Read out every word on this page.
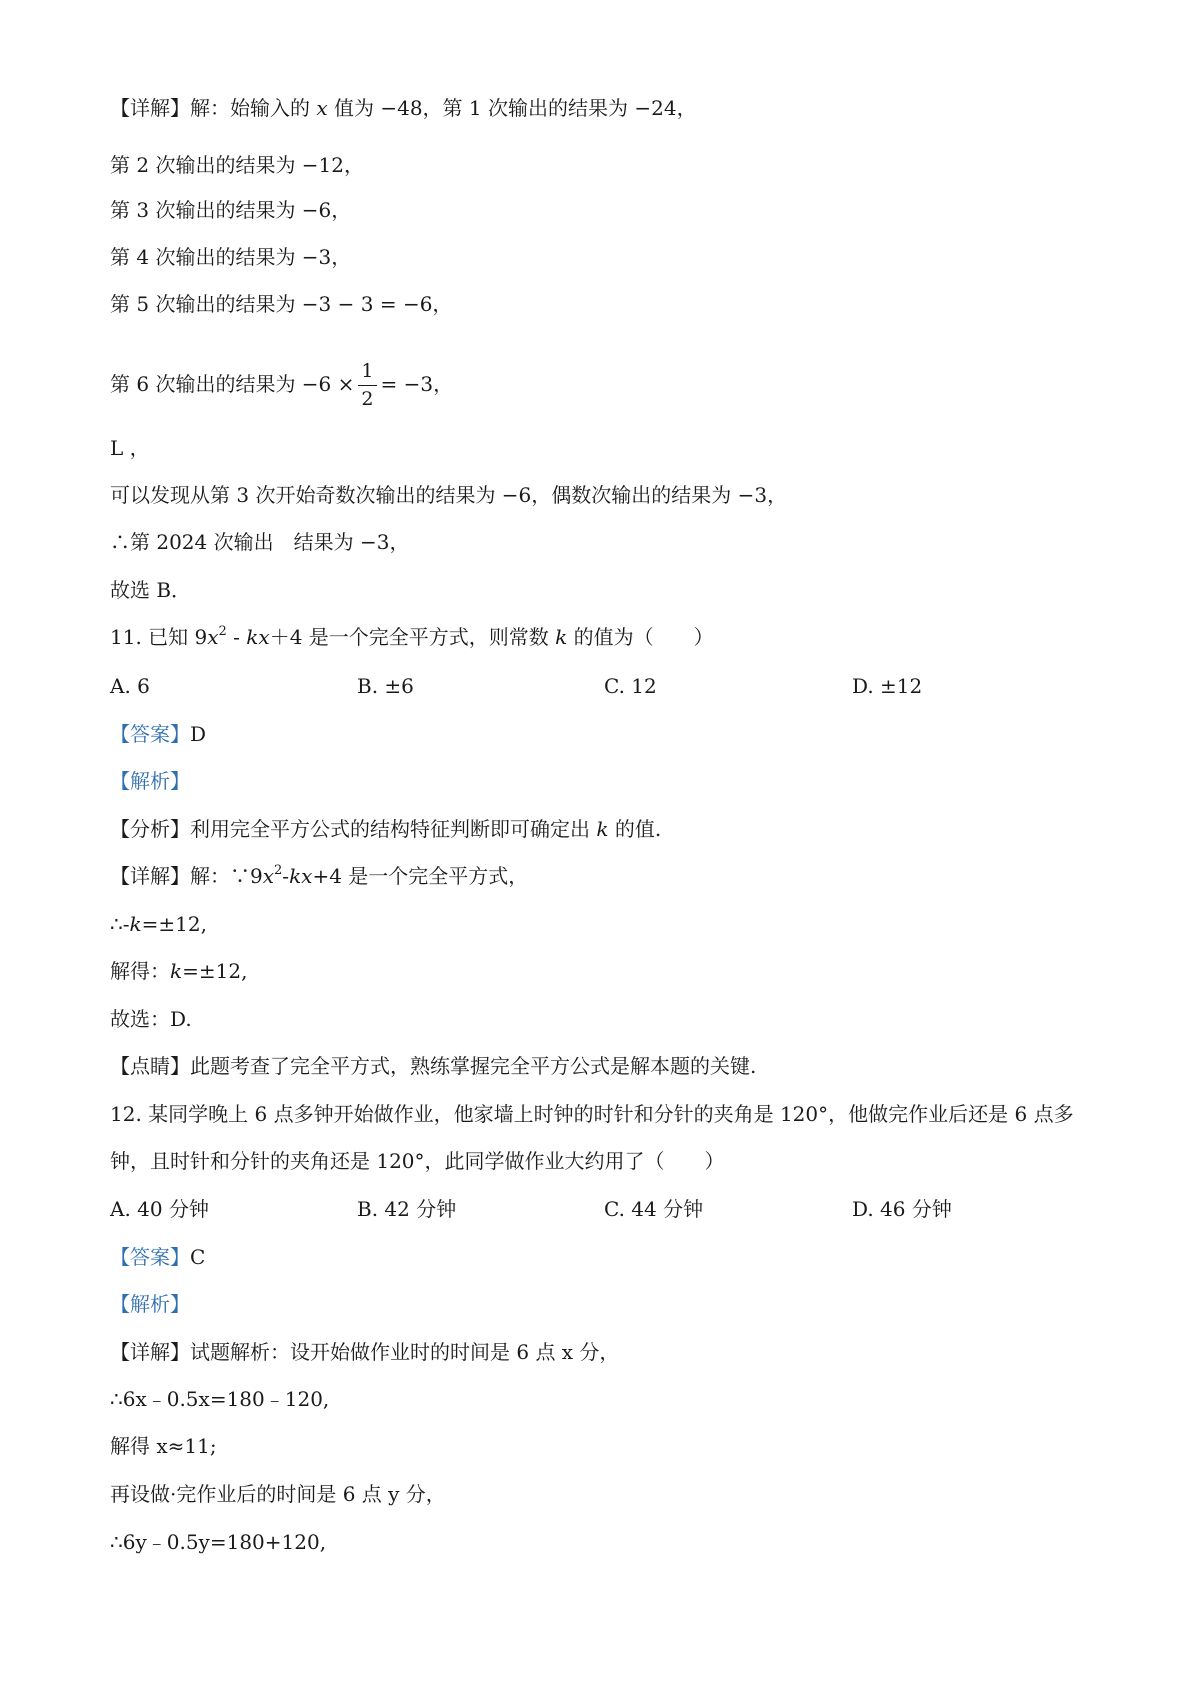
【详解】解：始输入的 x 值为 −48，第 1 次输出的结果为 −24，
第 2 次输出的结果为 −12，
第 3 次输出的结果为 −6，
第 4 次输出的结果为 −3，
第 5 次输出的结果为 −3 − 3 = −6，
第 6 次输出的结果为 $-6 \times \frac{1}{2} = -3$，
L ，
可以发现从第 3 次开始奇数次输出的结果为 −6，偶数次输出的结果为 −3，
∴第 2024 次输出　结果为 −3，
故选 B．
11. 已知 $9x^2 - kx+4$ 是一个完全平方式，则常数 k 的值为（　　）
A. 6	B. ±6	C. 12	D. ±12
【答案】D
【解析】
【分析】利用完全平方公式的结构特征判断即可确定出 k 的值.
【详解】解：$\because 9x^2-kx+4$ 是一个完全平方式，
∴-k=±12,
解得：k=±12,
故选：D.
【点睛】此题考查了完全平方式，熟练掌握完全平方公式是解本题的关键.
12. 某同学晚上 6 点多钟开始做作业，他家墙上时钟的时针和分针的夹角是 120°，他做完作业后还是 6 点多
钟，且时针和分针的夹角还是 120°，此同学做作业大约用了（　　）
A. 40 分钟	B. 42 分钟	C. 44 分钟	D. 46 分钟
【答案】C
【解析】
【详解】试题解析：设开始做作业时的时间是 6 点 x 分，
∴6x﹣0.5x=180﹣120,
解得 x≈11;
再设做·完作业后的时间是 6 点 y 分，
∴6y﹣0.5y=180+120,
